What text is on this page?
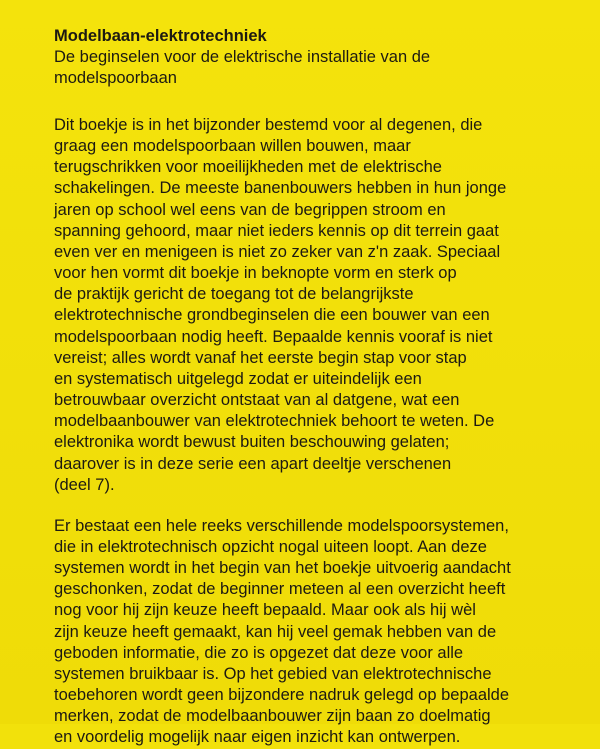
Modelbaan-elektrotechniek
De beginselen voor de elektrische installatie van de
modelspoorbaan
Dit boekje is in het bijzonder bestemd voor al degenen, die
graag een modelspoorbaan willen bouwen, maar
terugschrikken voor moeilijkheden met de elektrische
schakelingen. De meeste banenbouwers hebben in hun jonge
jaren op school wel eens van de begrippen stroom en
spanning gehoord, maar niet ieders kennis op dit terrein gaat
even ver en menigeen is niet zo zeker van z'n zaak. Speciaal
voor hen vormt dit boekje in beknopte vorm en sterk op
de praktijk gericht de toegang tot de belangrijkste
elektrotechnische grondbeginselen die een bouwer van een
modelspoorbaan nodig heeft. Bepaalde kennis vooraf is niet
vereist; alles wordt vanaf het eerste begin stap voor stap
en systematisch uitgelegd zodat er uiteindelijk een
betrouwbaar overzicht ontstaat van al datgene, wat een
modelbaanbouwer van elektrotechniek behoort te weten. De
elektronika wordt bewust buiten beschouwing gelaten;
daarover is in deze serie een apart deeltje verschenen
(deel 7).
Er bestaat een hele reeks verschillende modelspoorsystemen,
die in elektrotechnisch opzicht nogal uiteen loopt. Aan deze
systemen wordt in het begin van het boekje uitvoerig aandacht
geschonken, zodat de beginner meteen al een overzicht heeft
nog voor hij zijn keuze heeft bepaald. Maar ook als hij wèl
zijn keuze heeft gemaakt, kan hij veel gemak hebben van de
geboden informatie, die zo is opgezet dat deze voor alle
systemen bruikbaar is. Op het gebied van elektrotechnische
toebehoren wordt geen bijzondere nadruk gelegd op bepaalde
merken, zodat de modelbaanbouwer zijn baan zo doelmatig
en voordelig mogelijk naar eigen inzicht kan ontwerpen.
